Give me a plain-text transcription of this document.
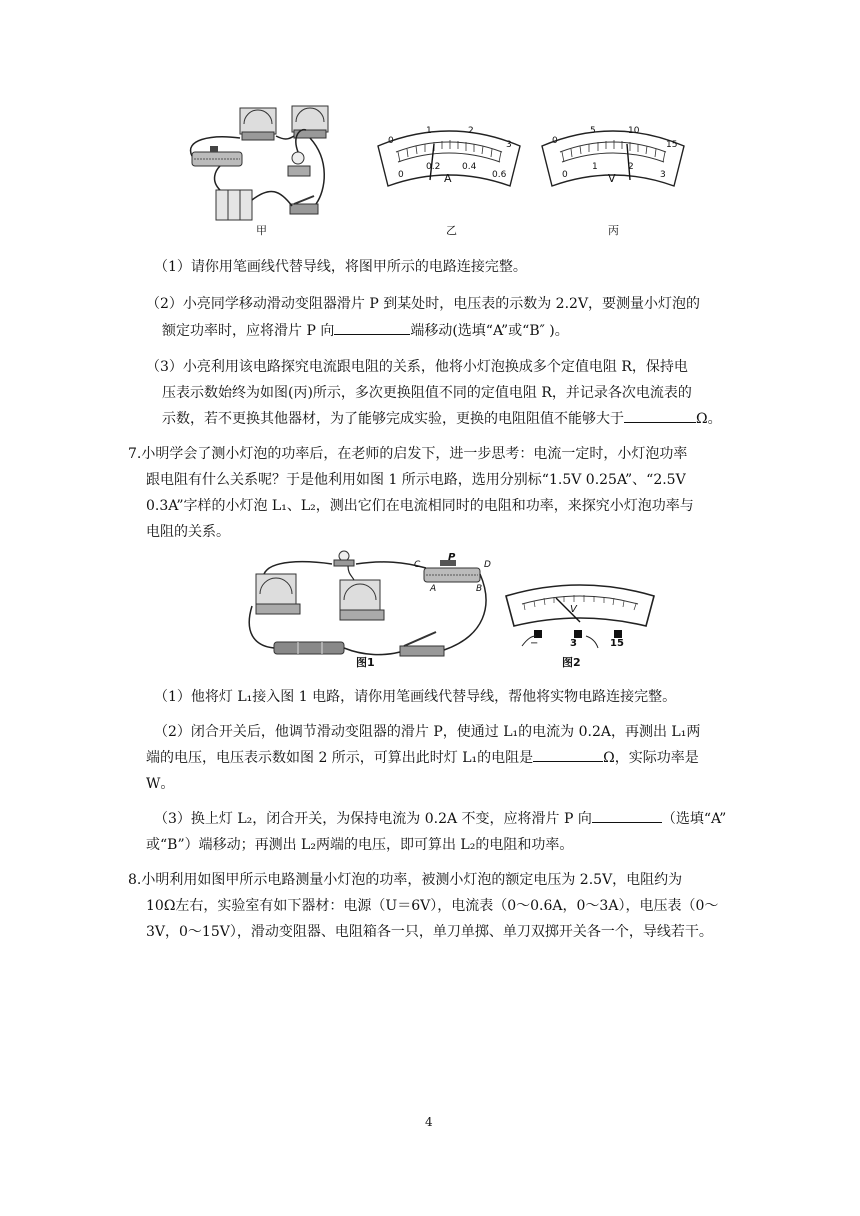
甲
0
1	2
3
0
0.2 0.4
0.6
A
乙
0
5	10
15
0
1	2
3
V
丙
（1）请你用笔画线代替导线，将图甲所示的电路连接完整。
（2）小亮同学移动滑动变阻器滑片 P 到某处时，电压表的示数为 2.2V，要测量小灯泡的
额定功率时，应将滑片 P 向	端移动(选填“A”或“B″ )。
（3）小亮利用该电路探究电流跟电阻的关系，他将小灯泡换成多个定值电阻 R，保持电
压表示数始终为如图(丙)所示，多次更换阻值不同的定值电阻 R，并记录各次电流表的
示数，若不更换其他器材，为了能够完成实验，更换的电阻阻值不能够大于	Ω。
7.小明学会了测小灯泡的功率后，在老师的启发下，进一步思考：电流一定时，小灯泡功率
跟电阻有什么关系呢？于是他利用如图 1 所示电路，选用分别标“1.5V 0.25A”、“2.5V
0.3A”字样的小灯泡 L₁、L₂，测出它们在电流相同时的电阻和功率，来探究小灯泡功率与
电阻的关系。
C
P
D
A	B
图1
V
−	3	15
图2
（1）他将灯 L₁接入图 1 电路，请你用笔画线代替导线，帮他将实物电路连接完整。
（2）闭合开关后，他调节滑动变阻器的滑片 P，使通过 L₁的电流为 0.2A，再测出 L₁两
端的电压，电压表示数如图 2 所示，可算出此时灯 L₁的电阻是	Ω，实际功率是
W。
（3）换上灯 L₂，闭合开关，为保持电流为 0.2A 不变，应将滑片 P 向	（选填“A”
或“B”）端移动；再测出 L₂两端的电压，即可算出 L₂的电阻和功率。
8.小明利用如图甲所示电路测量小灯泡的功率，被测小灯泡的额定电压为 2.5V，电阻约为
10Ω左右，实验室有如下器材：电源（U＝6V），电流表（0～0.6A，0～3A），电压表（0～
3V，0～15V），滑动变阻器、电阻箱各一只，单刀单掷、单刀双掷开关各一个，导线若干。
4
